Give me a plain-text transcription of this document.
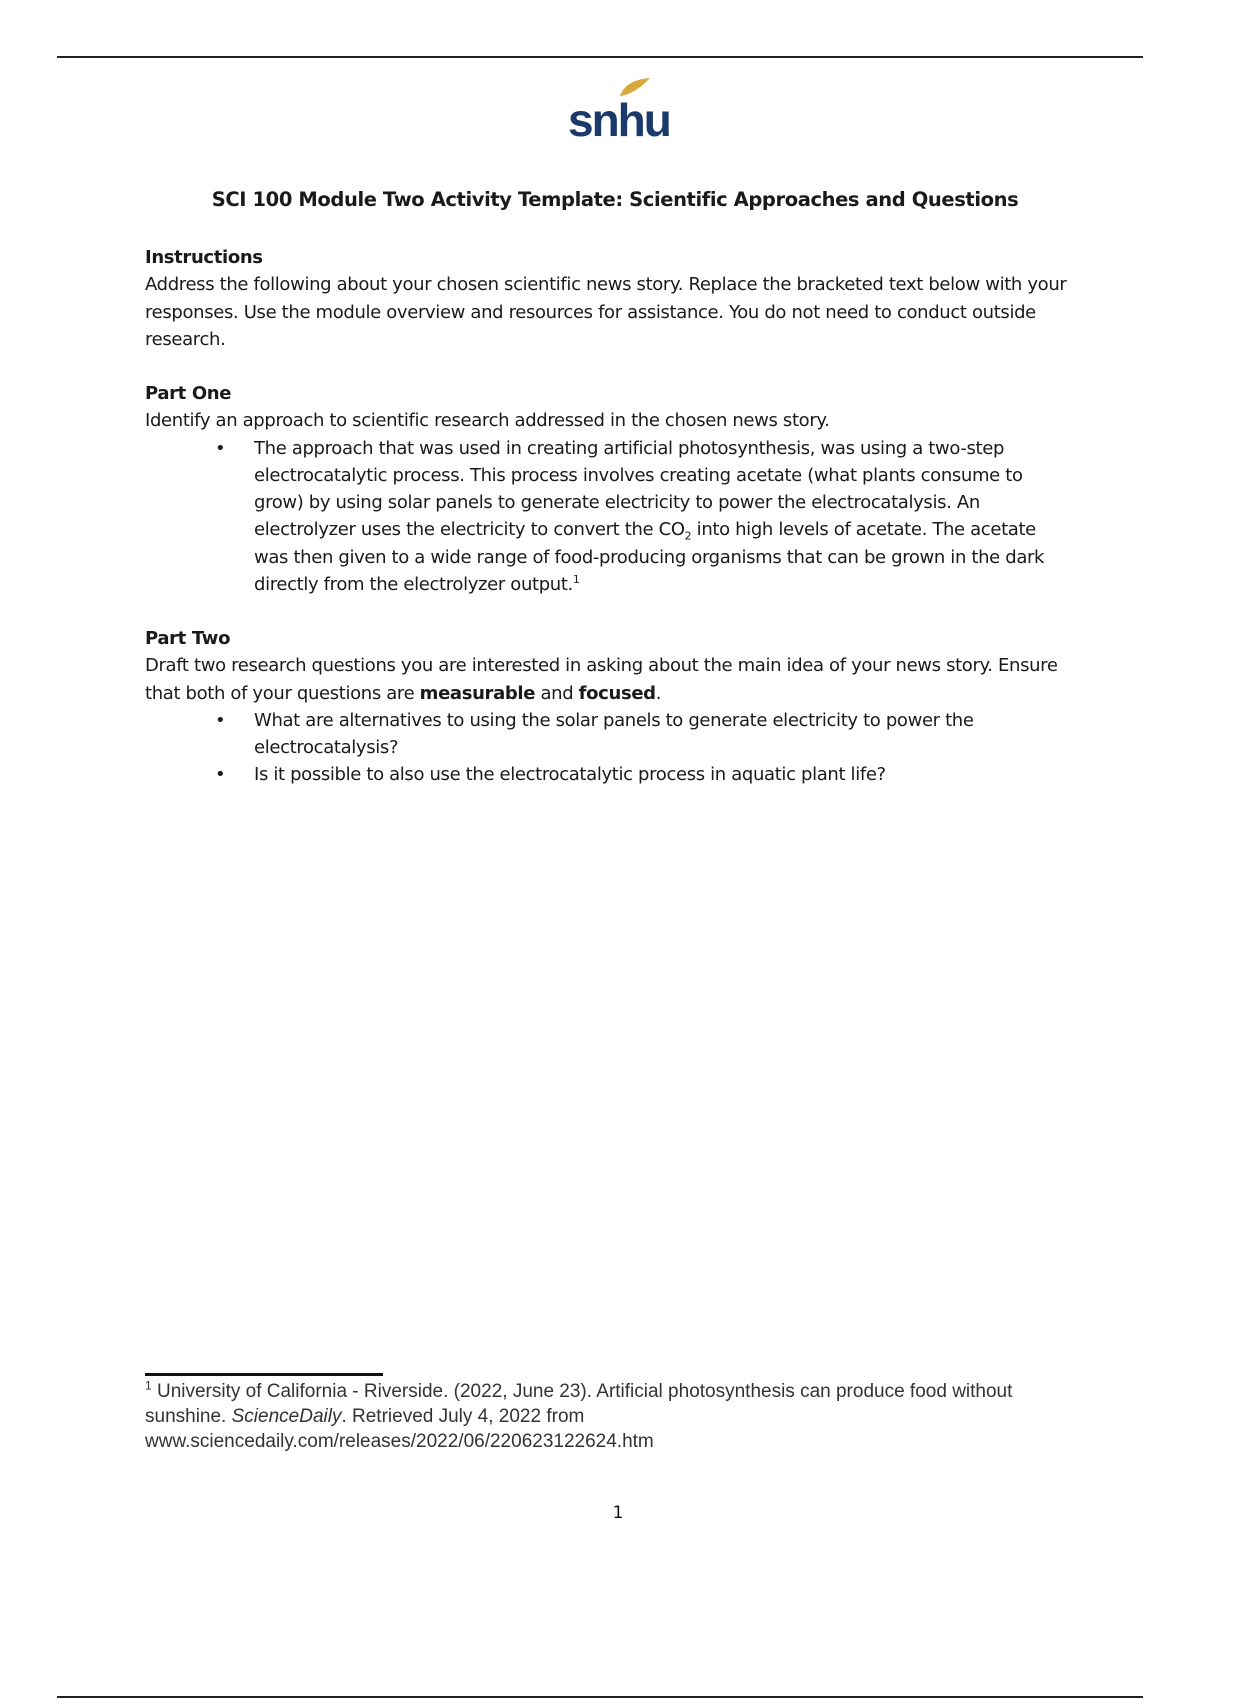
snhu
SCI 100 Module Two Activity Template: Scientific Approaches and Questions

Instructions

Address the following about your chosen scientific news story. Replace the bracketed text below with your responses. Use the module overview and resources for assistance. You do not need to conduct outside research.

Part One

Identify an approach to scientific research addressed in the chosen news story.

• The approach that was used in creating artificial photosynthesis, was using a two-step electrocatalytic process. This process involves creating acetate (what plants consume to grow) by using solar panels to generate electricity to power the electrocatalysis. An electrolyzer uses the electricity to convert the $CO_2$ into high levels of acetate. The acetate was then given to a wide range of food-producing organisms that can be grown in the dark directly from the electrolyzer output.$^1$

Part Two

Draft two research questions you are interested in asking about the main idea of your news story. Ensure that both of your questions are measurable and focused.

• What are alternatives to using the solar panels to generate electricity to power the electrocatalysis?
• Is it possible to also use the electrocatalytic process in aquatic plant life?
$^1$ University of California - Riverside. (2022, June 23). Artificial photosynthesis can produce food without sunshine. ScienceDaily. Retrieved July 4, 2022 from www.sciencedaily.com/releases/2022/06/220623122624.htm
1
